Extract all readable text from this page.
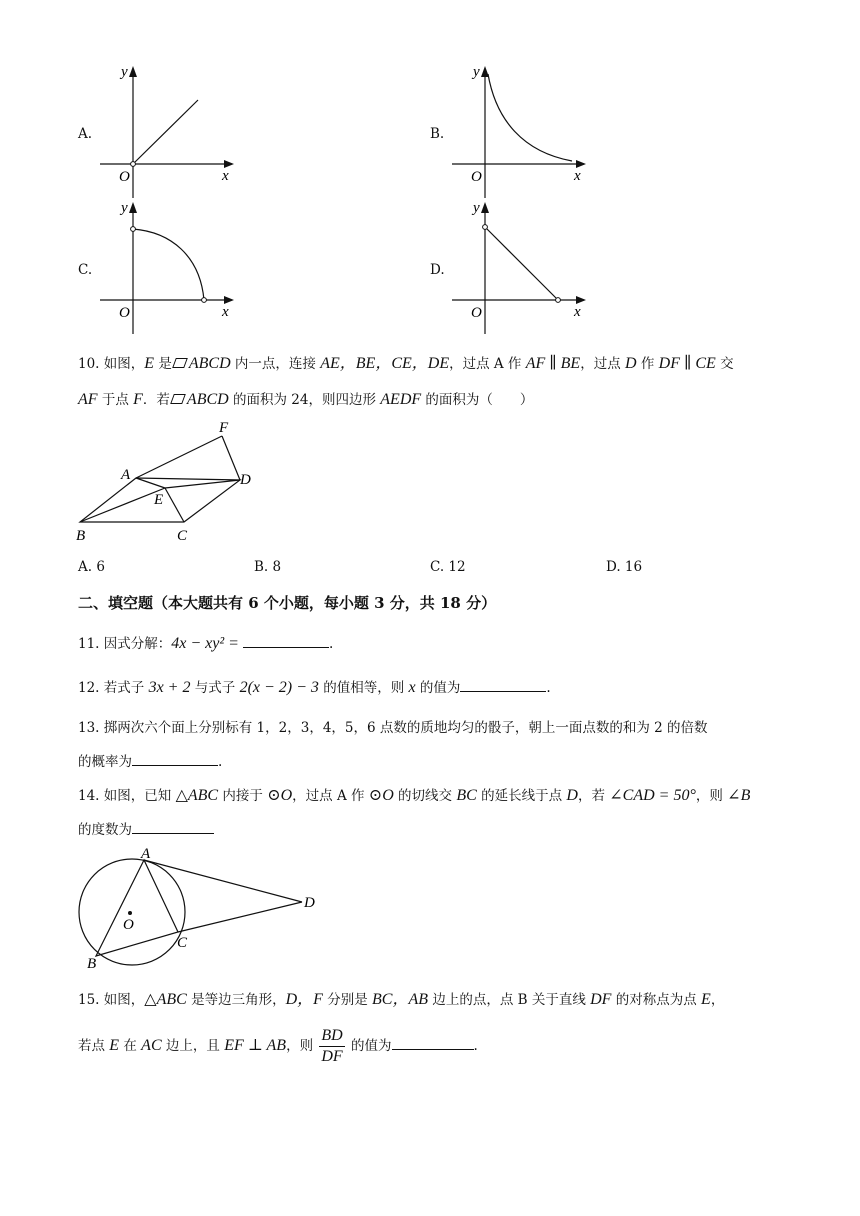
A.
y
x
O
B.
y
x
O
C.
y
x
O
D.
y
x
O
10. 如图，E 是 ABCD 内一点，连接 AE，BE，CE，DE，过点 A 作 AF ∥ BE，过点 D 作 DF ∥ CE 交
AF 于点 F．若 ABCD 的面积为 24，则四边形 AEDF 的面积为（　　）
F
A	D
E
B	C
A. 6	B. 8	C. 12	D. 16
二、填空题（本大题共有 6 个小题，每小题 3 分，共 18 分）
11. 因式分解：4x − xy² =	.
12. 若式子 3x + 2 与式子 2(x − 2) − 3 的值相等，则 x 的值为	.
13. 掷两次六个面上分别标有 1，2，3，4，5，6 点数的质地均匀的骰子，朝上一面点数的和为 2 的倍数
的概率为	.
14. 如图，已知 △ABC 内接于 ⊙O，过点 A 作 ⊙O 的切线交 BC 的延长线于点 D，若 ∠CAD = 50°，则 ∠B
的度数为
A
O
C
B
D
15. 如图，△ABC 是等边三角形，D，F 分别是 BC，AB 边上的点，点 B 关于直线 DF 的对称点为点 E，
若点 E 在 AC 边上，且 EF ⊥ AB，则 $\frac{BD}{DF}$ 的值为	.
